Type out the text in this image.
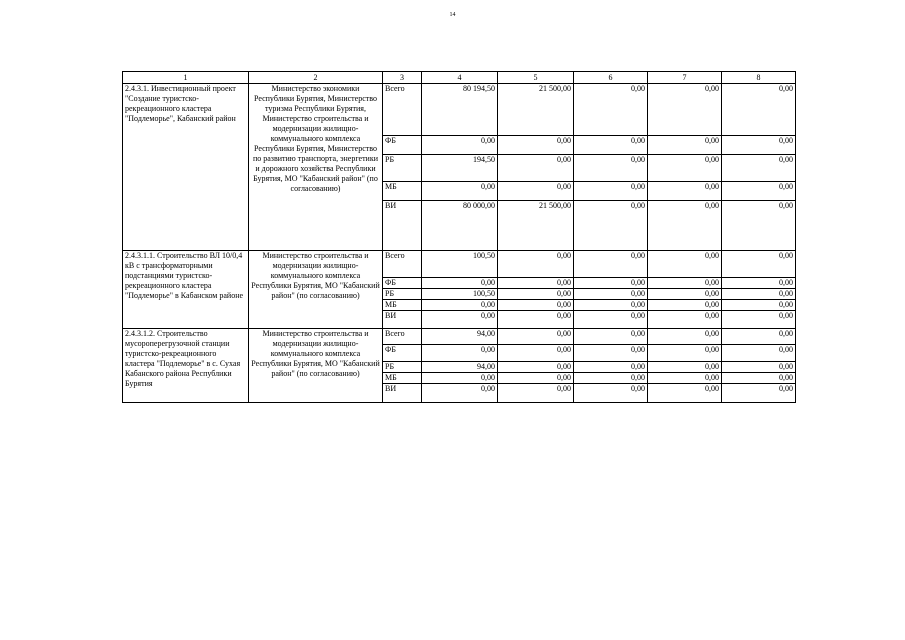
14
1	2	3	4	5	6	7	8
2.4.3.1. Инвестиционный проект "Создание туристско-рекреационного кластера "Подлеморье", Кабанский район	Министерство экономики Республики Бурятия, Министерство туризма Республики Бурятия, Министерство строительства и модернизации жилищно-коммунального комплекса Республики Бурятия, Министерство по развитию транспорта, энергетики и дорожного хозяйства Республики Бурятия, МО "Кабанский район" (по согласованию)	Всего	80 194,50	21 500,00	0,00	0,00	0,00
		ФБ	0,00	0,00	0,00	0,00	0,00
		РБ	194,50	0,00	0,00	0,00	0,00
		МБ	0,00	0,00	0,00	0,00	0,00
		ВИ	80 000,00	21 500,00	0,00	0,00	0,00
2.4.3.1.1. Строительство ВЛ 10/0,4 кВ с трансформаторными подстанциями туристско-рекреационного кластера "Подлеморье" в Кабанском районе	Министерство строительства и модернизации жилищно-коммунального комплекса Республики Бурятия, МО "Кабанский район" (по согласованию)	Всего	100,50	0,00	0,00	0,00	0,00
		ФБ	0,00	0,00	0,00	0,00	0,00
		РБ	100,50	0,00	0,00	0,00	0,00
		МБ	0,00	0,00	0,00	0,00	0,00
		ВИ	0,00	0,00	0,00	0,00	0,00
2.4.3.1.2. Строительство мусороперегрузочной станции туристско-рекреационного кластера "Подлеморье" в с. Сухая Кабанского района Республики Бурятия	Министерство строительства и модернизации жилищно-коммунального комплекса Республики Бурятия, МО "Кабанский район" (по согласованию)	Всего	94,00	0,00	0,00	0,00	0,00
		ФБ	0,00	0,00	0,00	0,00	0,00
		РБ	94,00	0,00	0,00	0,00	0,00
		МБ	0,00	0,00	0,00	0,00	0,00
		ВИ	0,00	0,00	0,00	0,00	0,00
